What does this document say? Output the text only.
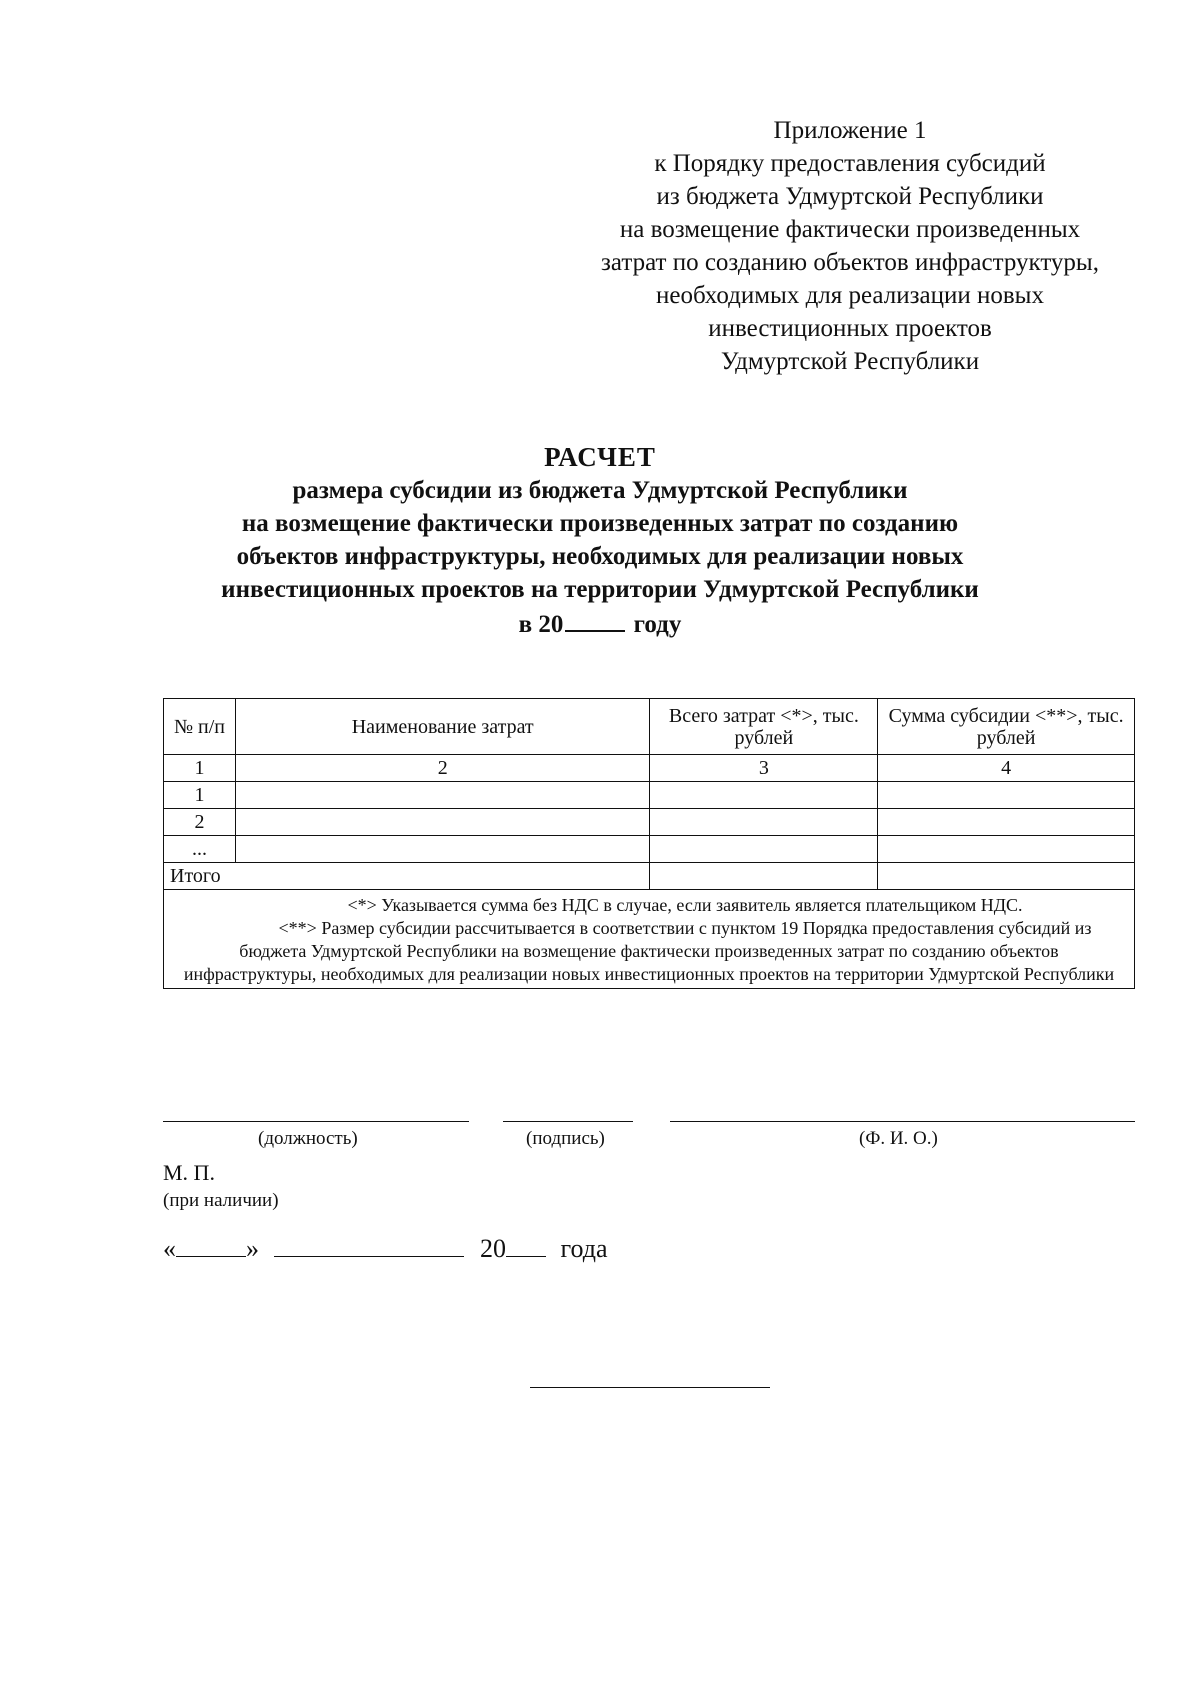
Приложение 1
к Порядку предоставления субсидий
из бюджета Удмуртской Республики
на возмещение фактически произведенных
затрат по созданию объектов инфраструктуры,
необходимых для реализации новых
инвестиционных проектов
Удмуртской Республики
РАСЧЕТ
размера субсидии из бюджета Удмуртской Республики
на возмещение фактически произведенных затрат по созданию
объектов инфраструктуры, необходимых для реализации новых
инвестиционных проектов на территории Удмуртской Республики
в 20	году
№ п/п	Наименование затрат	Всего затрат <*>, тыс. рублей	Сумма субсидии <**>, тыс. рублей
1	2	3	4
1			
2			
...			
Итого			

<*> Указывается сумма без НДС в случае, если заявитель является плательщиком НДС.

<**> Размер субсидии рассчитывается в соответствии с пунктом 19 Порядка предоставления субсидий из бюджета Удмуртской Республики на возмещение фактически произведенных затрат по созданию объектов инфраструктуры, необходимых для реализации новых инвестиционных проектов на территории Удмуртской Республики			

(должность)	(подпись)	(Ф. И. О.)
М. П.
(при наличии)
«	»	20 года
